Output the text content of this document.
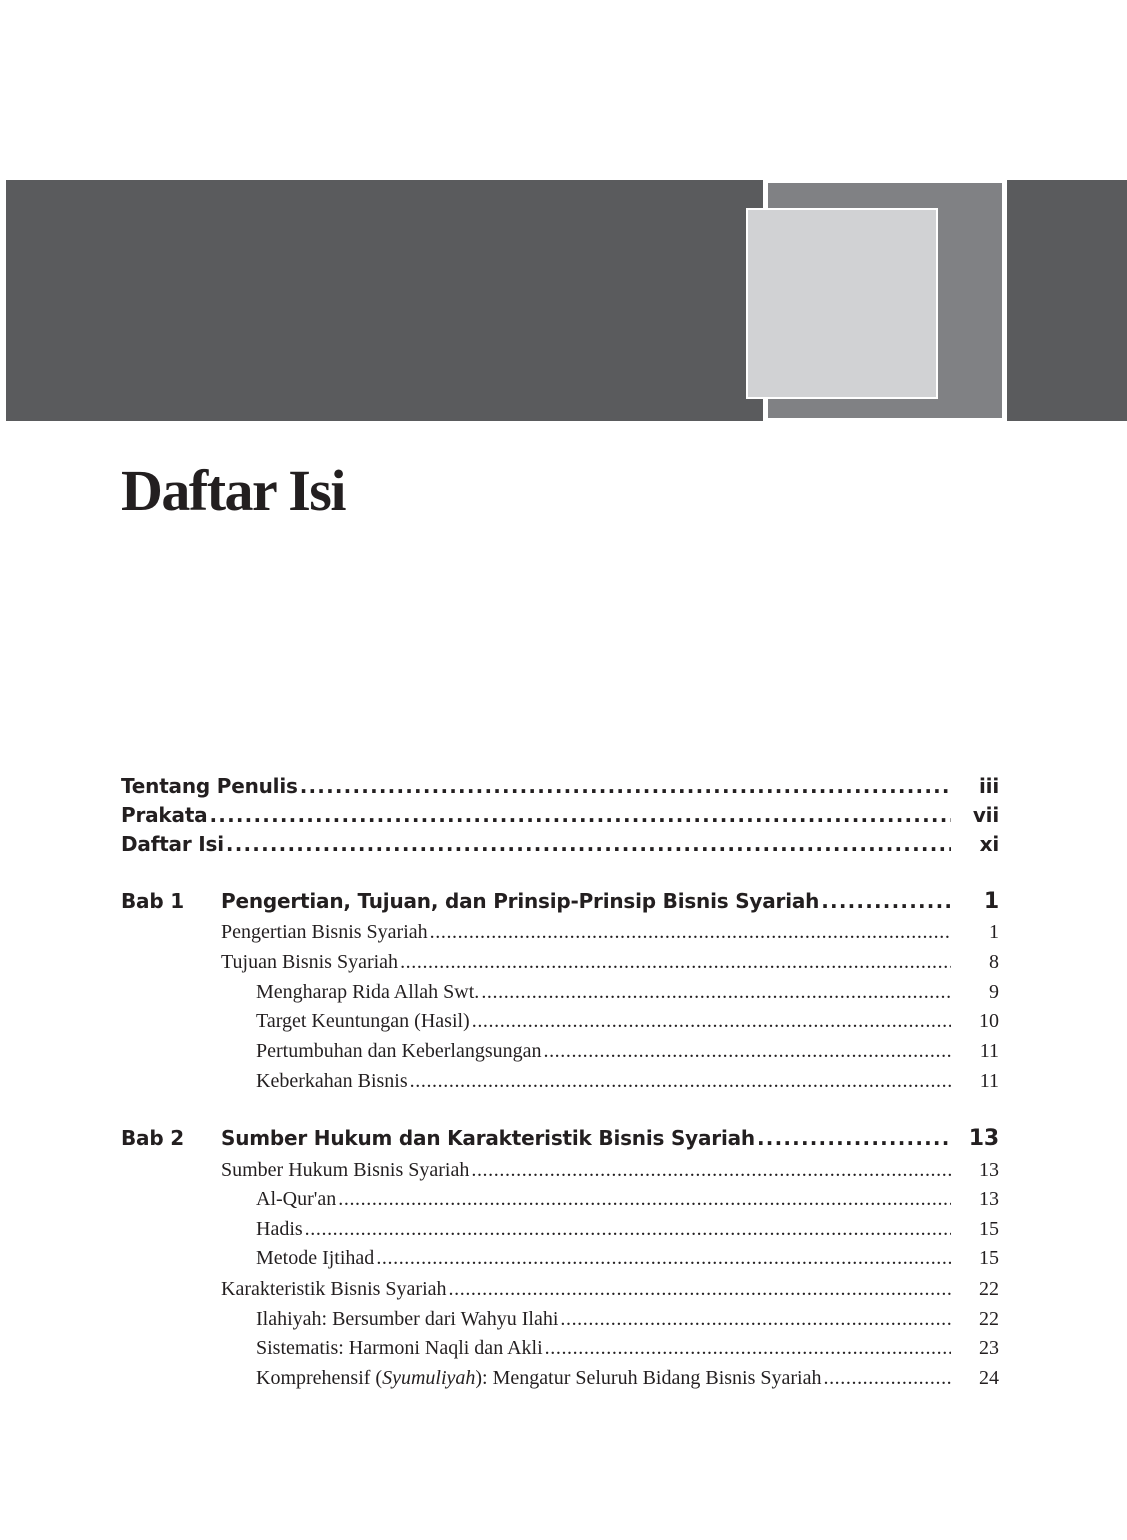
Daftar Isi
Tentang Penulis .....	iii
Prakata .....	vii
Daftar Isi .....	xi
Bab 1 Pengertian, Tujuan, dan Prinsip-Prinsip Bisnis Syariah .....	1
Pengertian Bisnis Syariah .....	1
Tujuan Bisnis Syariah .....	8
Mengharap Rida Allah Swt. .....	9
Target Keuntungan (Hasil) .....	10
Pertumbuhan dan Keberlangsungan .....	11
Keberkahan Bisnis .....	11
Bab 2 Sumber Hukum dan Karakteristik Bisnis Syariah .....	13
Sumber Hukum Bisnis Syariah .....	13
Al-Qur'an .....	13
Hadis .....	15
Metode Ijtihad .....	15
Karakteristik Bisnis Syariah .....	22
Ilahiyah: Bersumber dari Wahyu Ilahi .....	22
Sistematis: Harmoni Naqli dan Akli .....	23
Komprehensif (Syumuliyah): Mengatur Seluruh Bidang Bisnis Syariah .....	24
